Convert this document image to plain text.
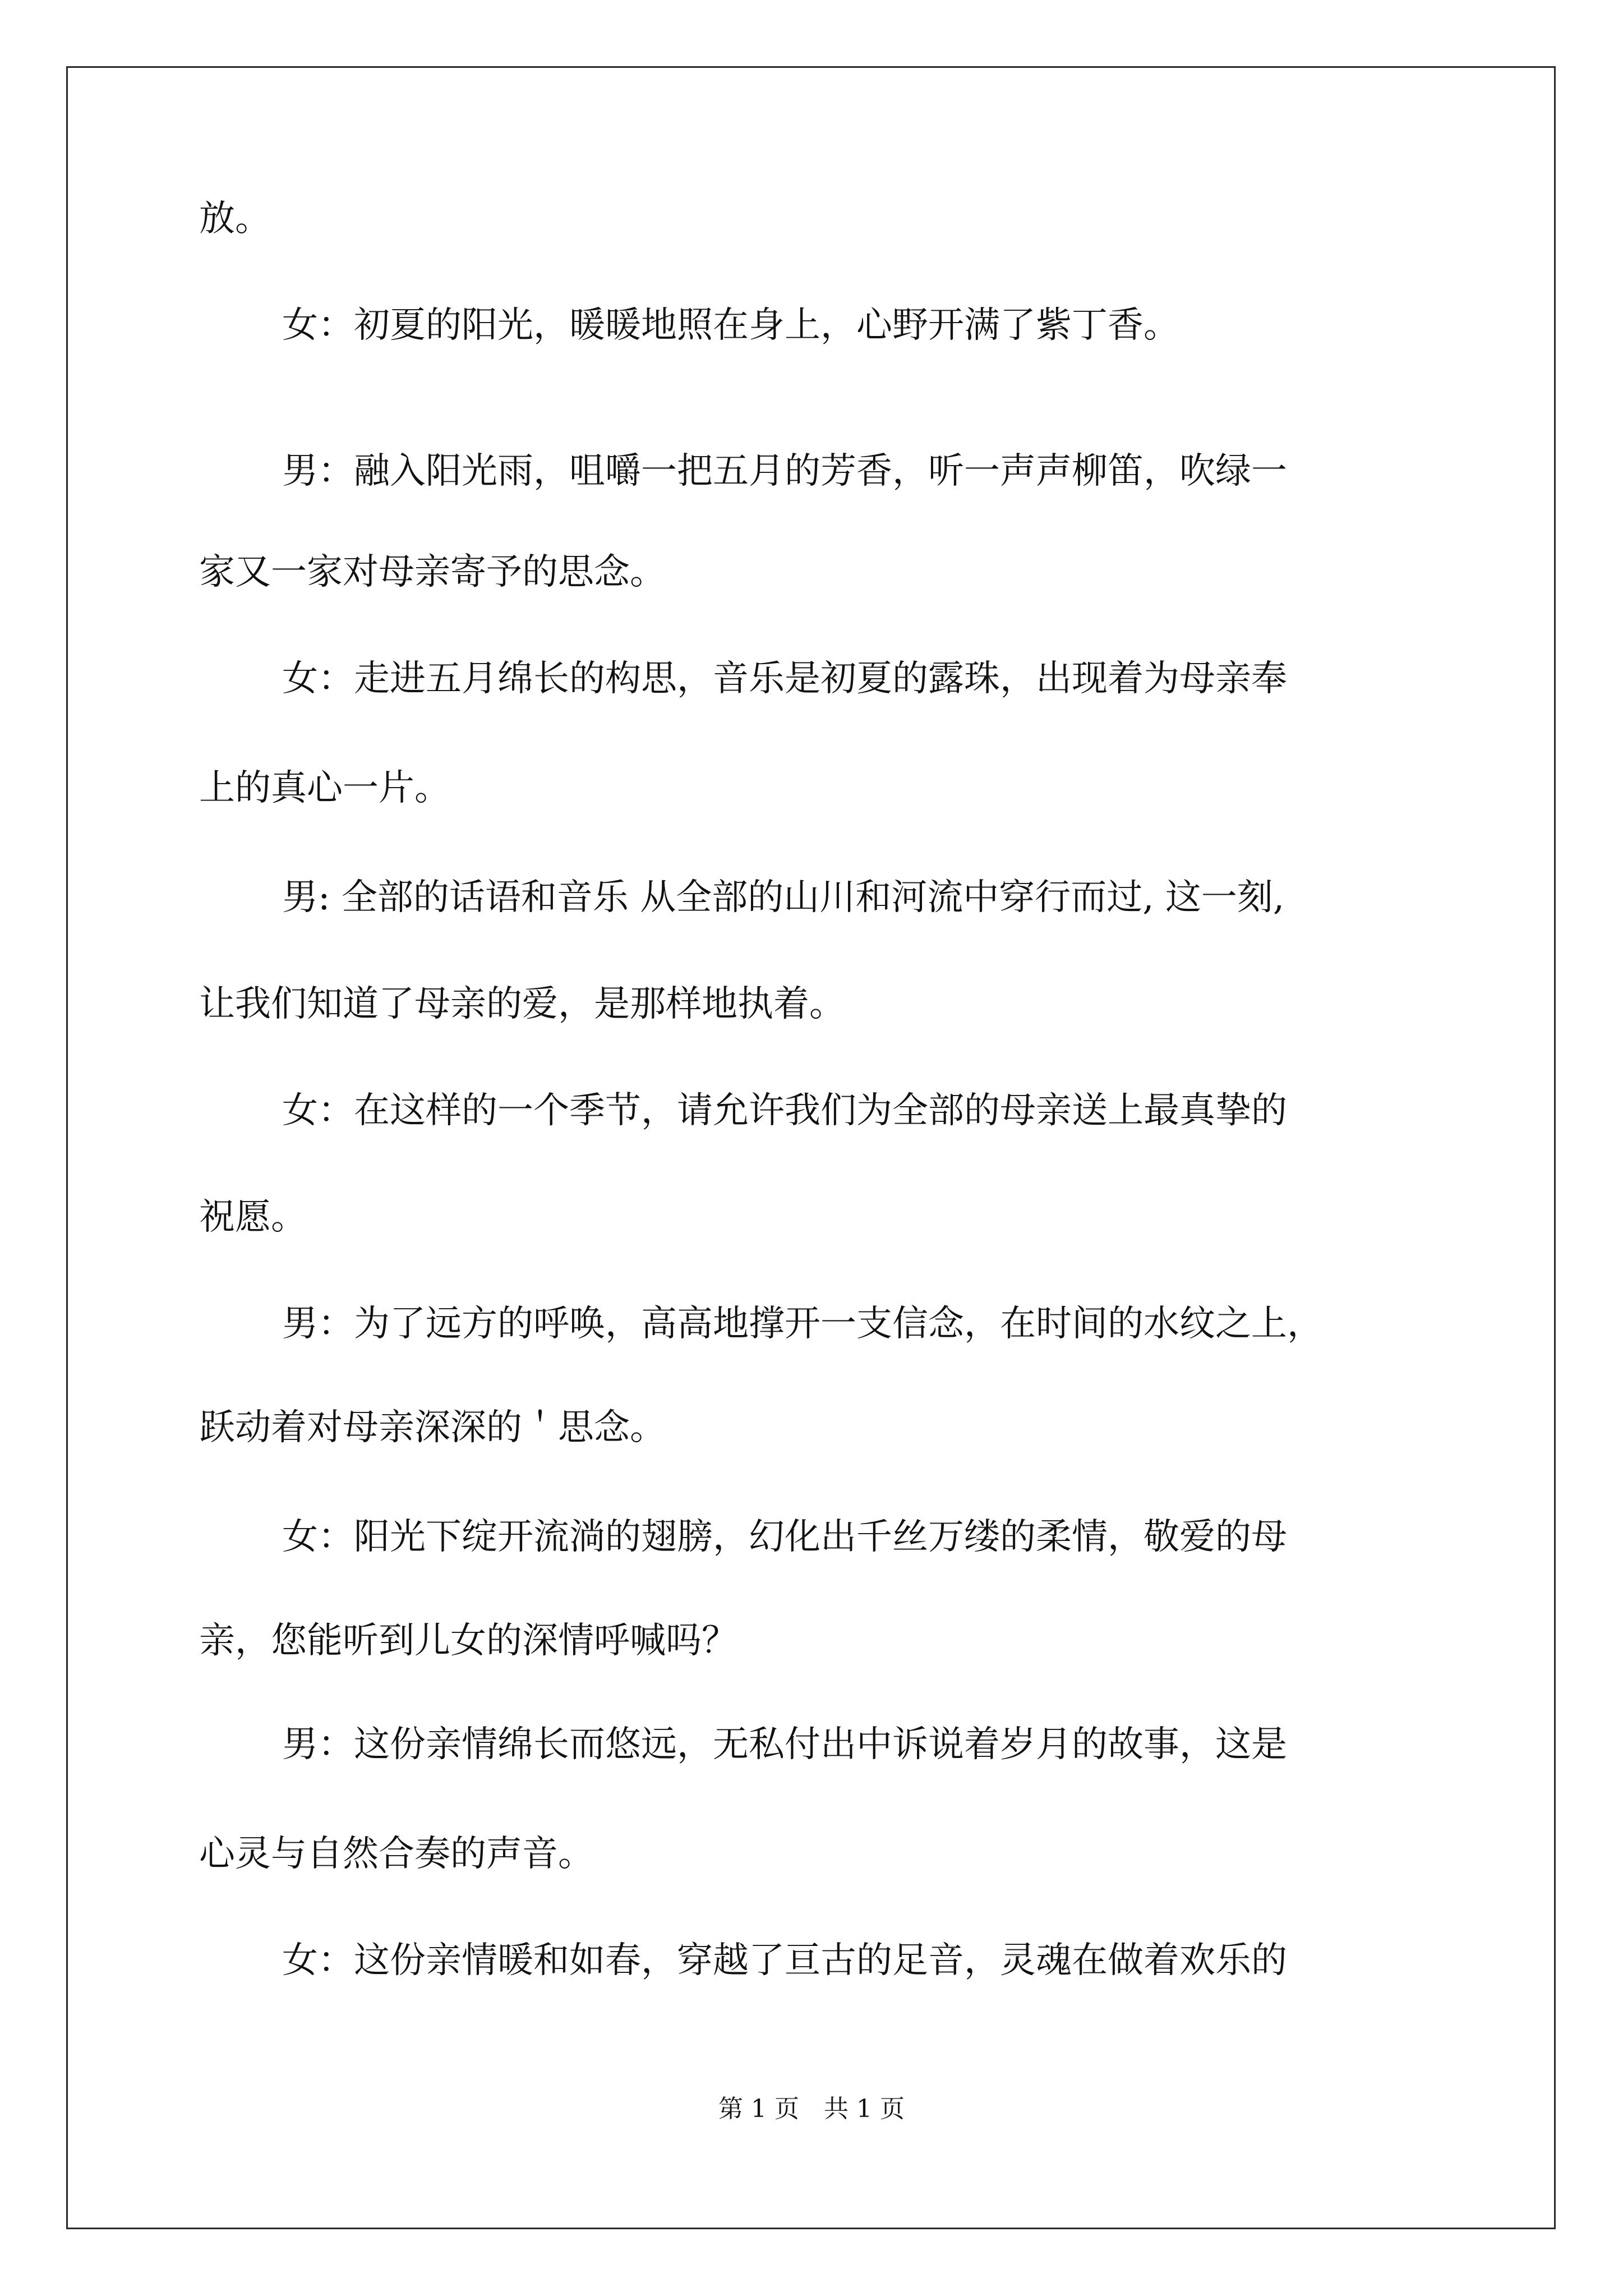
放。
女：初夏的阳光，暖暖地照在身上，心野开满了紫丁香。
男：融入阳光雨，咀嚼一把五月的芳香，听一声声柳笛，吹绿一
家又一家对母亲寄予的思念。
女：走进五月绵长的构思，音乐是初夏的露珠，出现着为母亲奉
上的真心一片。
男: 全部的话语和音乐 从全部的山川和河流中穿行而过, 这一刻,
让我们知道了母亲的爱，是那样地执着。
女：在这样的一个季节，请允许我们为全部的母亲送上最真挚的
祝愿。
男：为了远方的呼唤，高高地撑开一支信念，在时间的水纹之上，
跃动着对母亲深深的＇思念。
女：阳光下绽开流淌的翅膀，幻化出千丝万缕的柔情，敬爱的母
亲，您能听到儿女的深情呼喊吗？
男：这份亲情绵长而悠远，无私付出中诉说着岁月的故事，这是
心灵与自然合奏的声音。
女：这份亲情暖和如春，穿越了亘古的足音，灵魂在做着欢乐的
第 1 页　共 1 页
